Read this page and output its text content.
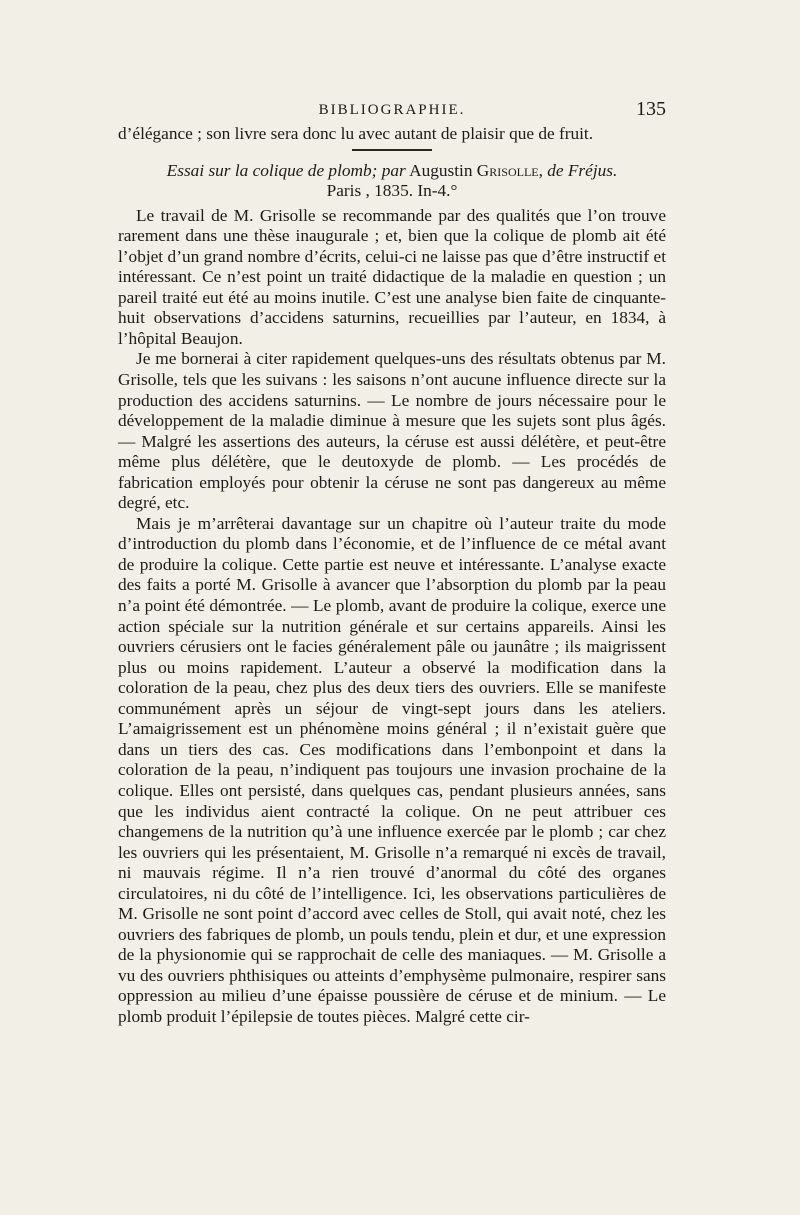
BIBLIOGRAPHIE.	135

d’élégance ; son livre sera donc lu avec autant de plaisir que de fruit.

Essai sur la colique de plomb; par Augustin Grisolle, de Fréjus.
Paris , 1835. In-4.°

Le travail de M. Grisolle se recommande par des qualités que l’on trouve rarement dans une thèse inaugurale ; et, bien que la colique de plomb ait été l’objet d’un grand nombre d’écrits, celui-ci ne laisse pas que d’être instructif et intéressant. Ce n’est point un traité didactique de la maladie en question ; un pareil traité eut été au moins inutile. C’est une analyse bien faite de cinquante-huit observations d’accidens saturnins, recueillies par l’auteur, en 1834, à l’hôpital Beaujon.

Je me bornerai à citer rapidement quelques-uns des résultats obtenus par M. Grisolle, tels que les suivans : les saisons n’ont aucune influence directe sur la production des accidens saturnins. — Le nombre de jours nécessaire pour le développement de la maladie diminue à mesure que les sujets sont plus âgés. — Malgré les assertions des auteurs, la céruse est aussi délétère, et peut-être même plus délétère, que le deutoxyde de plomb. — Les procédés de fabrication employés pour obtenir la céruse ne sont pas dangereux au même degré, etc.

Mais je m’arrêterai davantage sur un chapitre où l’auteur traite du mode d’introduction du plomb dans l’économie, et de l’influence de ce métal avant de produire la colique. Cette partie est neuve et intéressante. L’analyse exacte des faits a porté M. Grisolle à avancer que l’absorption du plomb par la peau n’a point été démontrée. — Le plomb, avant de produire la colique, exerce une action spéciale sur la nutrition générale et sur certains appareils. Ainsi les ouvriers cérusiers ont le facies généralement pâle ou jaunâtre ; ils maigrissent plus ou moins rapidement. L’auteur a observé la modification dans la coloration de la peau, chez plus des deux tiers des ouvriers. Elle se manifeste communément après un séjour de vingt-sept jours dans les ateliers. L’amaigrissement est un phénomène moins général ; il n’existait guère que dans un tiers des cas. Ces modifications dans l’embonpoint et dans la coloration de la peau, n’indiquent pas toujours une invasion prochaine de la colique. Elles ont persisté, dans quelques cas, pendant plusieurs années, sans que les individus aient contracté la colique. On ne peut attribuer ces changemens de la nutrition qu’à une influence exercée par le plomb ; car chez les ouvriers qui les présentaient, M. Grisolle n’a remarqué ni excès de travail, ni mauvais régime. Il n’a rien trouvé d’anormal du côté des organes circulatoires, ni du côté de l’intelligence. Ici, les observations particulières de M. Grisolle ne sont point d’accord avec celles de Stoll, qui avait noté, chez les ouvriers des fabriques de plomb, un pouls tendu, plein et dur, et une expression de la physionomie qui se rapprochait de celle des maniaques. — M. Grisolle a vu des ouvriers phthisiques ou atteints d’emphysème pulmonaire, respirer sans oppression au milieu d’une épaisse poussière de céruse et de minium. — Le plomb produit l’épilepsie de toutes pièces. Malgré cette cir-
